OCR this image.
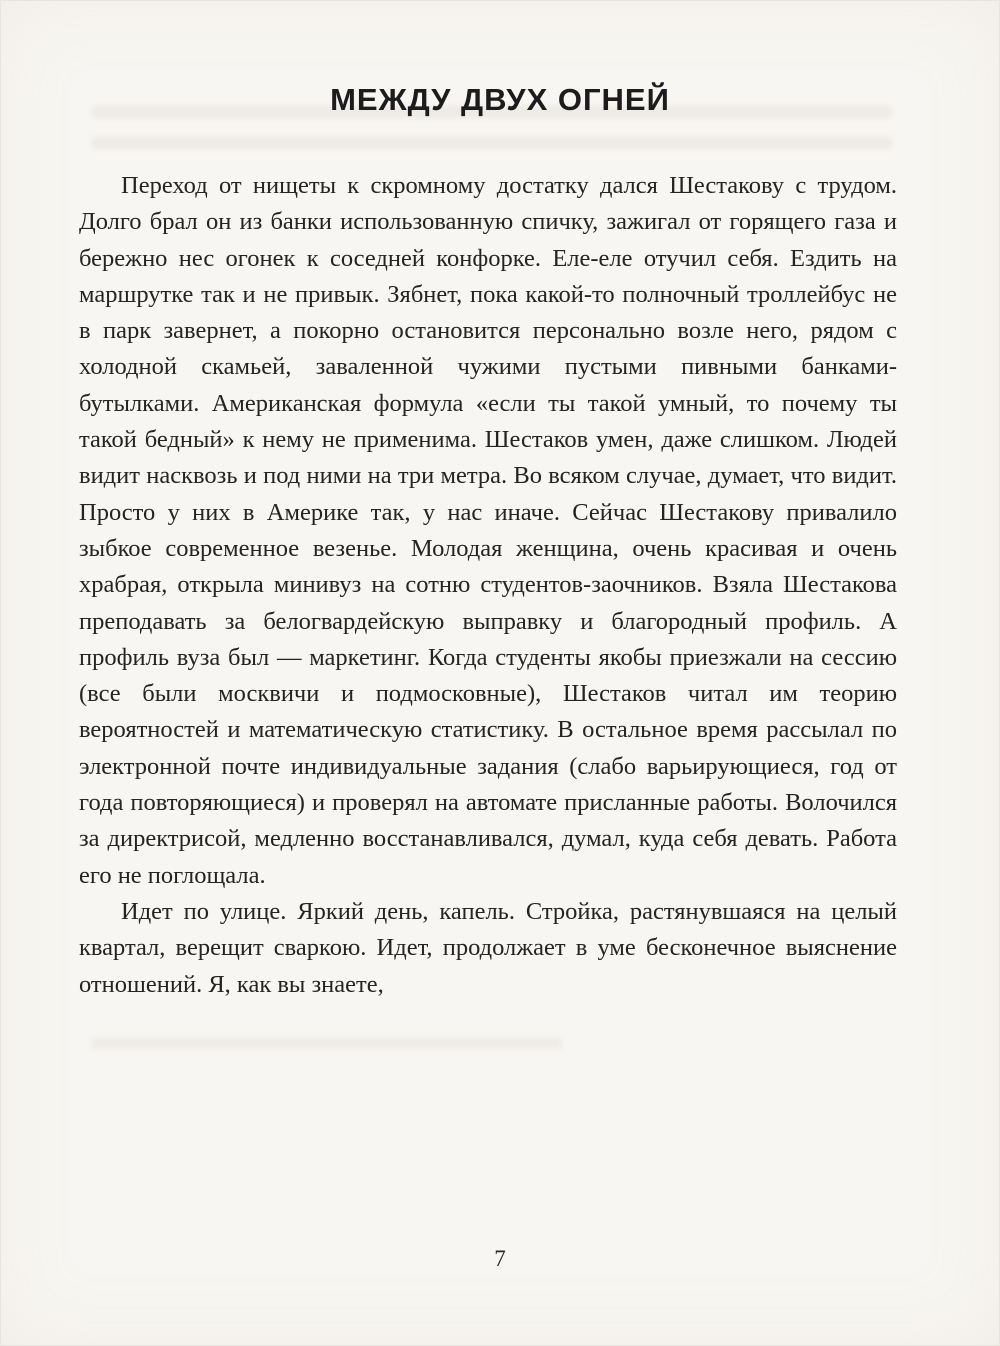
МЕЖДУ ДВУХ ОГНЕЙ

Переход от нищеты к скромному достатку дался Шестакову с трудом. Долго брал он из банки использованную спичку, зажигал от горящего газа и бережно нес огонек к соседней конфорке. Еле-еле отучил себя. Ездить на маршрутке так и не привык. Зябнет, пока какой-то полночный троллейбус не в парк завернет, а покорно остановится персонально возле него, рядом с холодной скамьей, заваленной чужими пустыми пивными банками-бутылками. Американская формула «если ты такой умный, то почему ты такой бедный» к нему не применима. Шестаков умен, даже слишком. Людей видит насквозь и под ними на три метра. Во всяком случае, думает, что видит. Просто у них в Америке так, у нас иначе. Сейчас Шестакову привалило зыбкое современное везенье. Молодая женщина, очень красивая и очень храбрая, открыла минивуз на сотню студентов-заочников. Взяла Шестакова преподавать за белогвардейскую выправку и благородный профиль. А профиль вуза был — маркетинг. Когда студенты якобы приезжали на сессию (все были москвичи и подмосковные), Шестаков читал им теорию вероятностей и математическую статистику. В остальное время рассылал по электронной почте индивидуальные задания (слабо варьирующиеся, год от года повторяющиеся) и проверял на автомате присланные работы. Волочился за директрисой, медленно восстанавливался, думал, куда себя девать. Работа его не поглощала.

Идет по улице. Яркий день, капель. Стройка, растянувшаяся на целый квартал, верещит сваркою. Идет, продолжает в уме бесконечное выяснение отношений. Я, как вы знаете,

7
